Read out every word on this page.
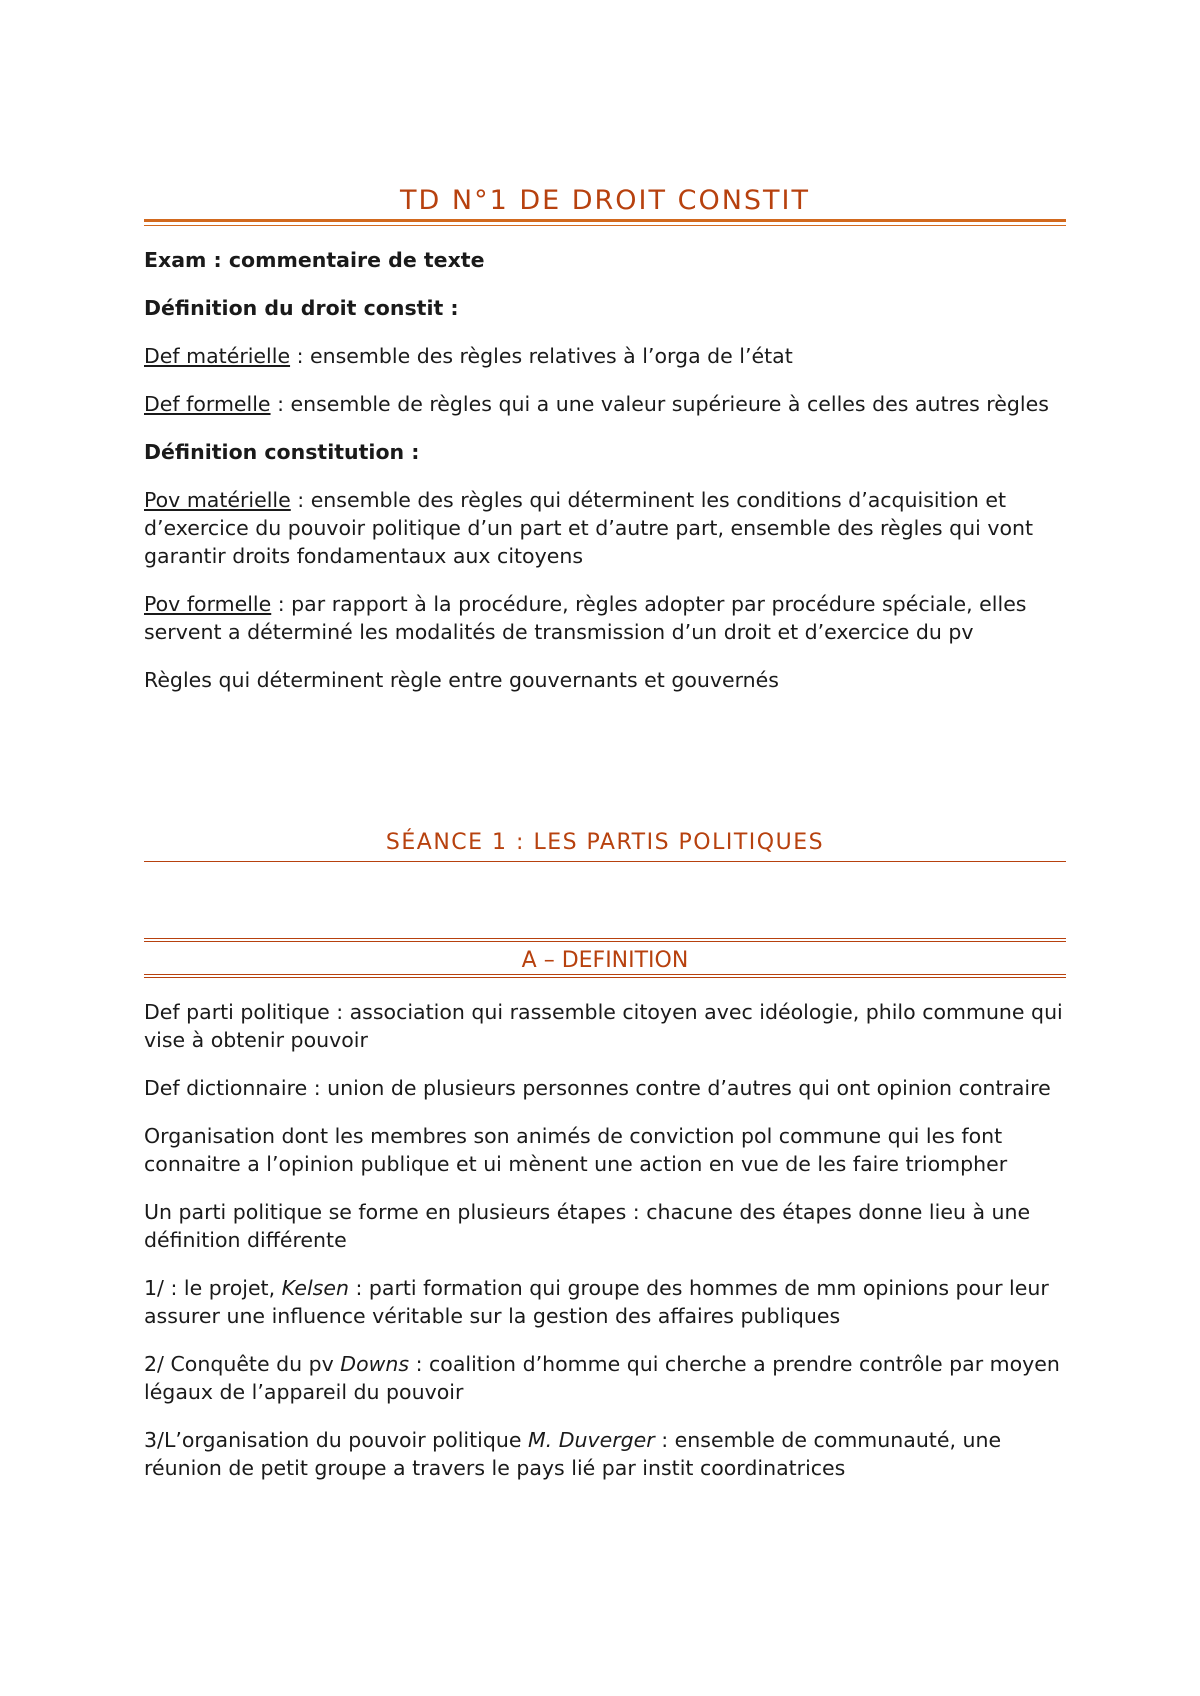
TD N°1 DE DROIT CONSTIT

Exam : commentaire de texte

Définition du droit constit :

Def matérielle : ensemble des règles relatives à l’orga de l’état

Def formelle : ensemble de règles qui a une valeur supérieure à celles des autres règles

Définition constitution :

Pov matérielle : ensemble des règles qui déterminent les conditions d’acquisition et d’exercice du pouvoir politique d’un part et d’autre part, ensemble des règles qui vont garantir droits fondamentaux aux citoyens

Pov formelle : par rapport à la procédure, règles adopter par procédure spéciale, elles servent a déterminé les modalités de transmission d’un droit et d’exercice du pv

Règles qui déterminent règle entre gouvernants et gouvernés

SÉANCE 1 : LES PARTIS POLITIQUES
A – DEFINITION

Def parti politique : association qui rassemble citoyen avec idéologie, philo commune qui vise à obtenir pouvoir

Def dictionnaire : union de plusieurs personnes contre d’autres qui ont opinion contraire

Organisation dont les membres son animés de conviction pol commune qui les font connaitre a l’opinion publique et ui mènent une action en vue de les faire triompher

Un parti politique se forme en plusieurs étapes : chacune des étapes donne lieu à une définition différente

1/ : le projet, Kelsen : parti formation qui groupe des hommes de mm opinions pour leur assurer une influence véritable sur la gestion des affaires publiques

2/ Conquête du pv Downs : coalition d’homme qui cherche a prendre contrôle par moyen légaux de l’appareil du pouvoir

3/L’organisation du pouvoir politique M. Duverger : ensemble de communauté, une réunion de petit groupe a travers le pays lié par instit coordinatrices
